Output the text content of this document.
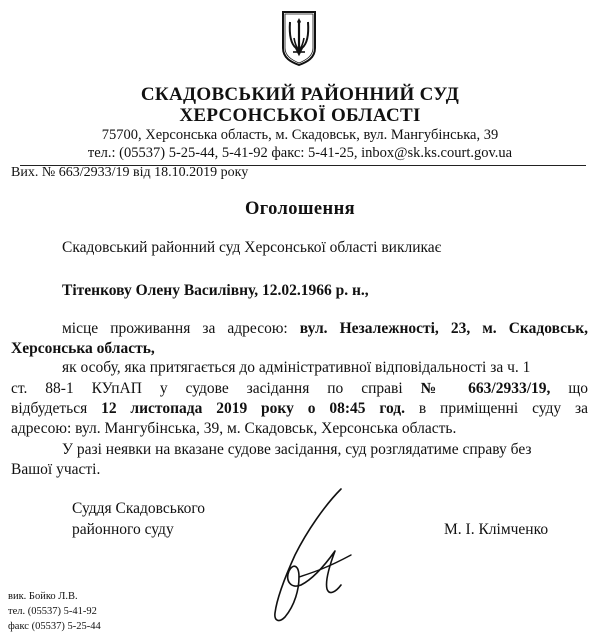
СКАДОВСЬКИЙ РАЙОННИЙ СУД
ХЕРСОНСЬКОЇ ОБЛАСТІ
75700, Херсонська область, м. Скадовськ, вул. Мангубінська, 39
тел.: (05537) 5-25-44, 5-41-92 факс: 5-41-25, inbox@sk.ks.court.gov.ua
Вих. № 663/2933/19 від 18.10.2019 року
Оголошення
Скадовський районний суд Херсонської області викликає
Тітенкову Олену Василівну, 12.02.1966 р. н.,
місце проживання за адресою: вул. Незалежності, 23, м. Скадовськ,
Херсонська область,
як особу, яка притягається до адміністративної відповідальності за ч. 1
ст. 88-1 КУпАП у судове засідання по справі № 663/2933/19, що
відбудеться 12 листопада 2019 року о 08:45 год. в приміщенні суду за
адресою: вул. Мангубінська, 39, м. Скадовськ, Херсонська область.
У разі неявки на вказане судове засідання, суд розглядатиме справу без
Вашої участі.
Суддя Скадовського
районного суду	М. І. Клімченко
вик. Бойко Л.В.
тел. (05537) 5-41-92
факс (05537) 5-25-44
